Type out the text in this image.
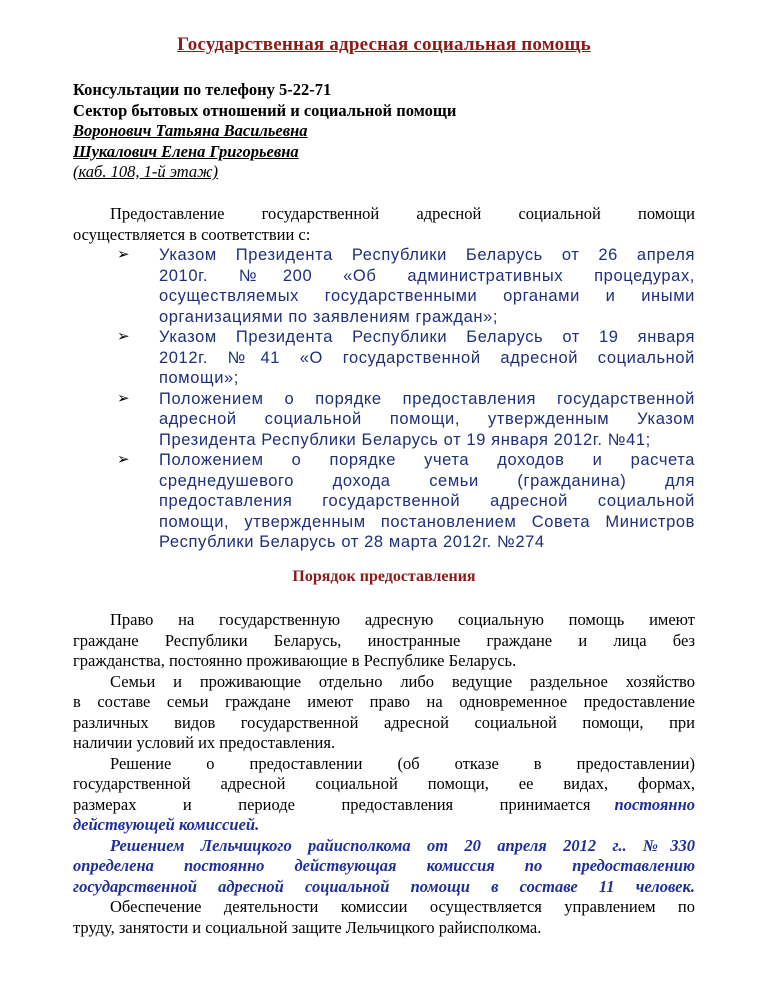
Государственная адресная социальная помощь
Консультации по телефону 5-22-71
Сектор бытовых отношений и социальной помощи
Воронович Татьяна Васильевна
Шукалович Елена Григорьевна
(каб. 108, 1-й этаж)
Предоставление государственной адресной социальной помощи
осуществляется в соответствии с:
➢ Указом Президента Республики Беларусь от 26 апреля
2010г. №200 «Об административных процедурах,
осуществляемых государственными органами и иными
организациями по заявлениям граждан»;
➢ Указом Президента Республики Беларусь от 19 января
2012г. №41 «О государственной адресной социальной
помощи»;
➢ Положением о порядке предоставления государственной
адресной социальной помощи, утвержденным Указом
Президента Республики Беларусь от 19 января 2012г. №41;
➢ Положением о порядке учета доходов и расчета
среднедушевого дохода семьи (гражданина) для
предоставления государственной адресной социальной
помощи, утвержденным постановлением Совета Министров
Республики Беларусь от 28 марта 2012г. №274
Порядок предоставления
Право на государственную адресную социальную помощь имеют
граждане Республики Беларусь, иностранные граждане и лица без
гражданства, постоянно проживающие в Республике Беларусь.
Семьи и проживающие отдельно либо ведущие раздельное хозяйство
в составе семьи граждане имеют право на одновременное предоставление
различных видов государственной адресной социальной помощи, при
наличии условий их предоставления.
Решение о предоставлении (об отказе в предоставлении)
государственной адресной социальной помощи, ее видах, формах,
размерах и периоде предоставления принимается	постоянно
действующей комиссией.
Решением Лельчицкого райисполкома от 20 апреля 2012 г.. №330
определена постоянно действующая комиссия по предоставлению
государственной адресной социальной помощи в составе 11 человек.
Обеспечение деятельности комиссии осуществляется управлением по
труду, занятости и социальной защите Лельчицкого райисполкома.
